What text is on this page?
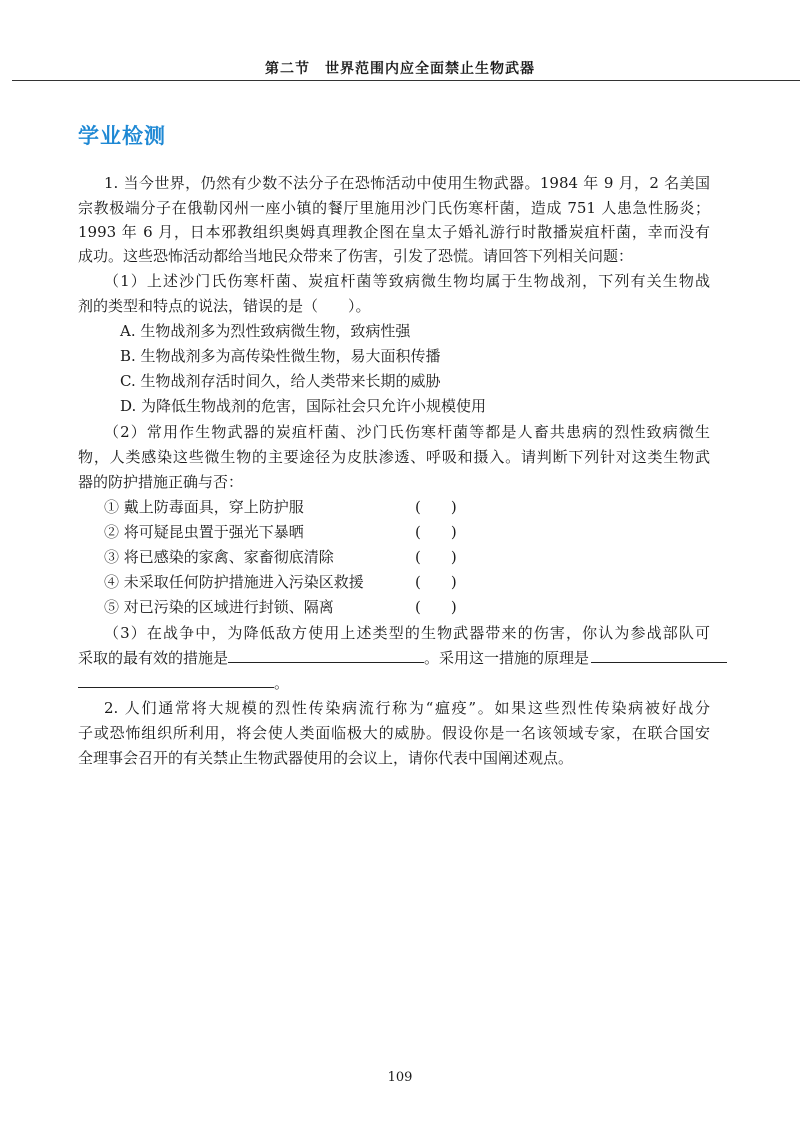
第二节　世界范围内应全面禁止生物武器
学业检测
1. 当今世界，仍然有少数不法分子在恐怖活动中使用生物武器。1984 年 9 月，2 名美国
宗教极端分子在俄勒冈州一座小镇的餐厅里施用沙门氏伤寒杆菌，造成 751 人患急性肠炎；
1993 年 6 月，日本邪教组织奥姆真理教企图在皇太子婚礼游行时散播炭疽杆菌，幸而没有
成功。这些恐怖活动都给当地民众带来了伤害，引发了恐慌。请回答下列相关问题：
（1）上述沙门氏伤寒杆菌、炭疽杆菌等致病微生物均属于生物战剂，下列有关生物战
剂的类型和特点的说法，错误的是（　　）。
A. 生物战剂多为烈性致病微生物，致病性强
B. 生物战剂多为高传染性微生物，易大面积传播
C. 生物战剂存活时间久，给人类带来长期的威胁
D. 为降低生物战剂的危害，国际社会只允许小规模使用
（2）常用作生物武器的炭疽杆菌、沙门氏伤寒杆菌等都是人畜共患病的烈性致病微生
物，人类感染这些微生物的主要途径为皮肤渗透、呼吸和摄入。请判断下列针对这类生物武
器的防护措施正确与否：
① 戴上防毒面具，穿上防护服	(　　)
② 将可疑昆虫置于强光下暴晒	(　　)
③ 将已感染的家禽、家畜彻底清除	(　　)
④ 未采取任何防护措施进入污染区救援	(　　)
⑤ 对已污染的区域进行封锁、隔离	(　　)
（3）在战争中，为降低敌方使用上述类型的生物武器带来的伤害，你认为参战部队可
采取的最有效的措施是	。采用这一措施的原理是
。
2. 人们通常将大规模的烈性传染病流行称为“瘟疫”。如果这些烈性传染病被好战分
子或恐怖组织所利用，将会使人类面临极大的威胁。假设你是一名该领域专家，在联合国安
全理事会召开的有关禁止生物武器使用的会议上，请你代表中国阐述观点。
109
